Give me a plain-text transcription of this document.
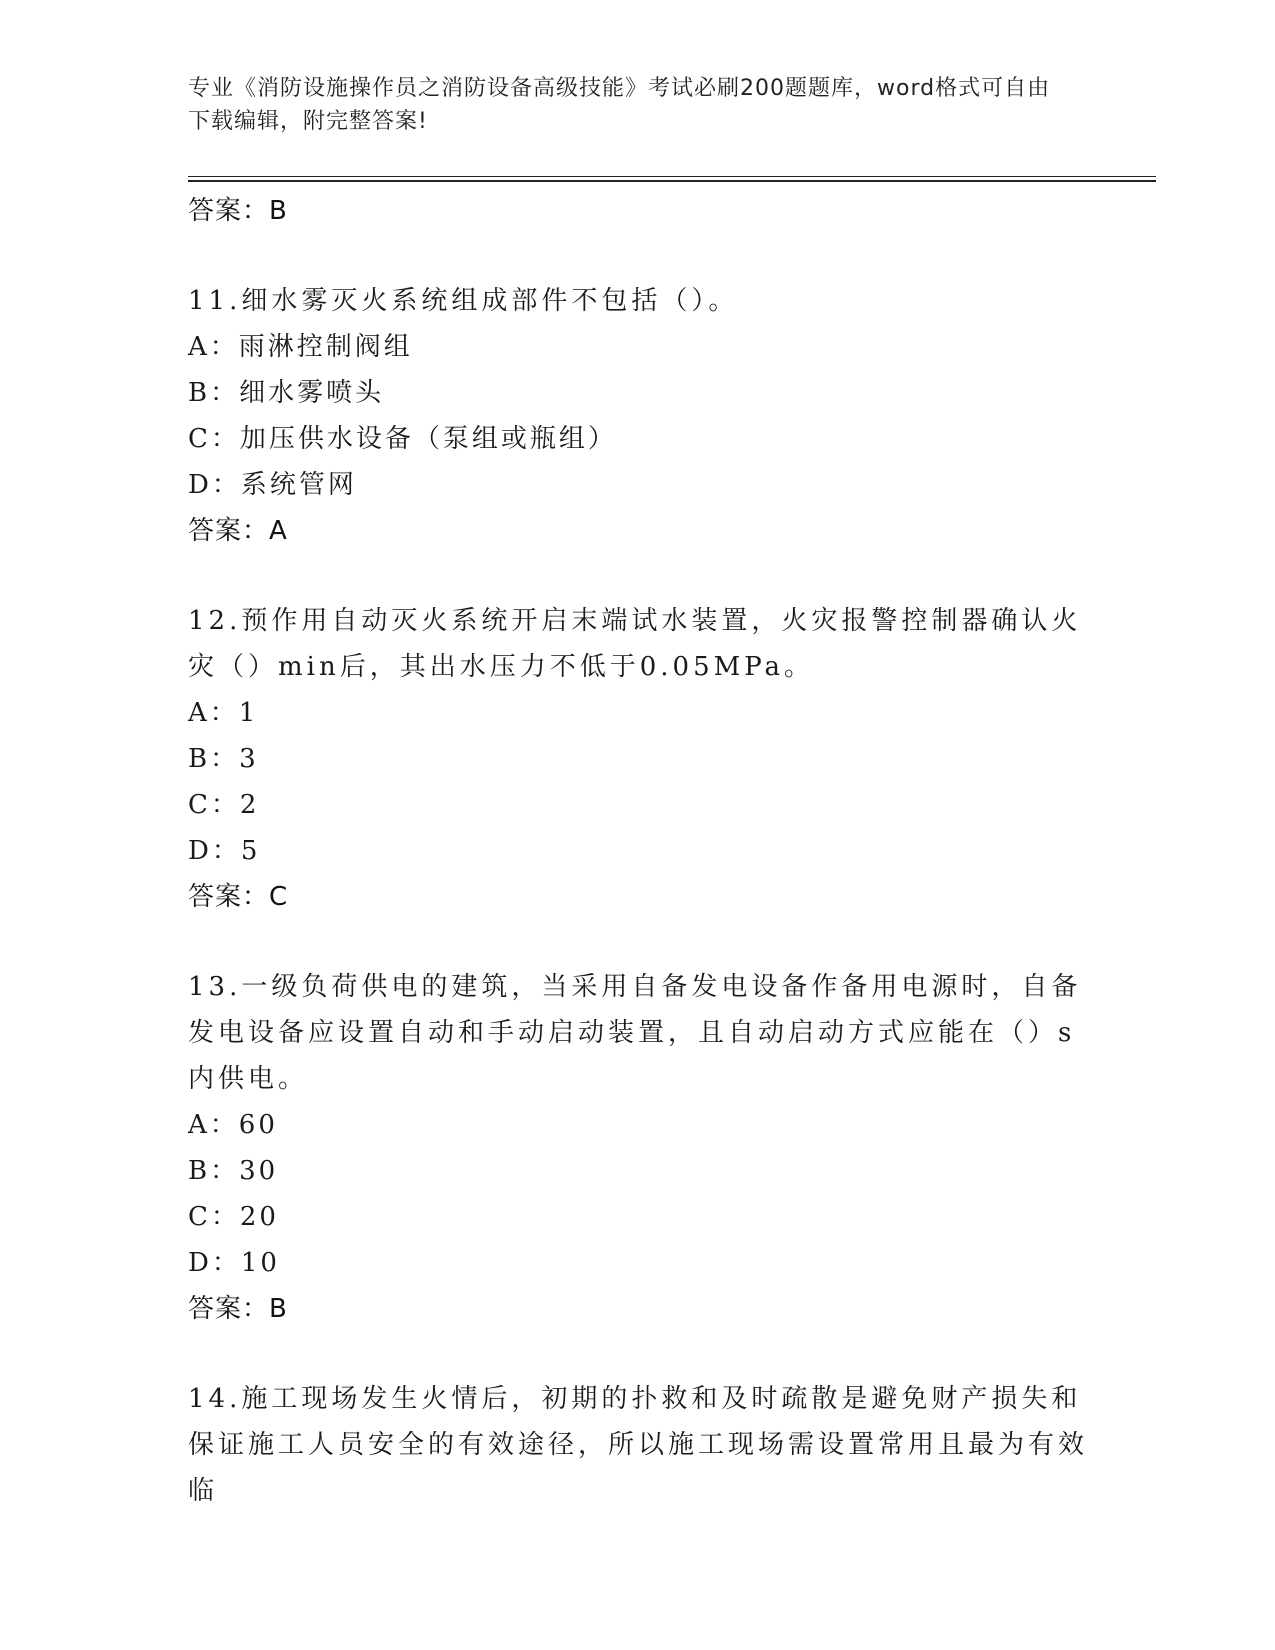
专业《消防设施操作员之消防设备高级技能》考试必刷200题题库，word格式可自由下载编辑，附完整答案!
答案：B
11.细水雾灭火系统组成部件不包括（）。
A：雨淋控制阀组
B：细水雾喷头
C：加压供水设备（泵组或瓶组）
D：系统管网
答案：A
12.预作用自动灭火系统开启末端试水装置，火灾报警控制器确认火灾（）min后，其出水压力不低于0.05MPa。
A：1
B：3
C：2
D：5
答案：C
13.一级负荷供电的建筑，当采用自备发电设备作备用电源时，自备发电设备应设置自动和手动启动装置，且自动启动方式应能在（）s内供电。
A：60
B：30
C：20
D：10
答案：B
14.施工现场发生火情后，初期的扑救和及时疏散是避免财产损失和保证施工人员安全的有效途径，所以施工现场需设置常用且最为有效临
